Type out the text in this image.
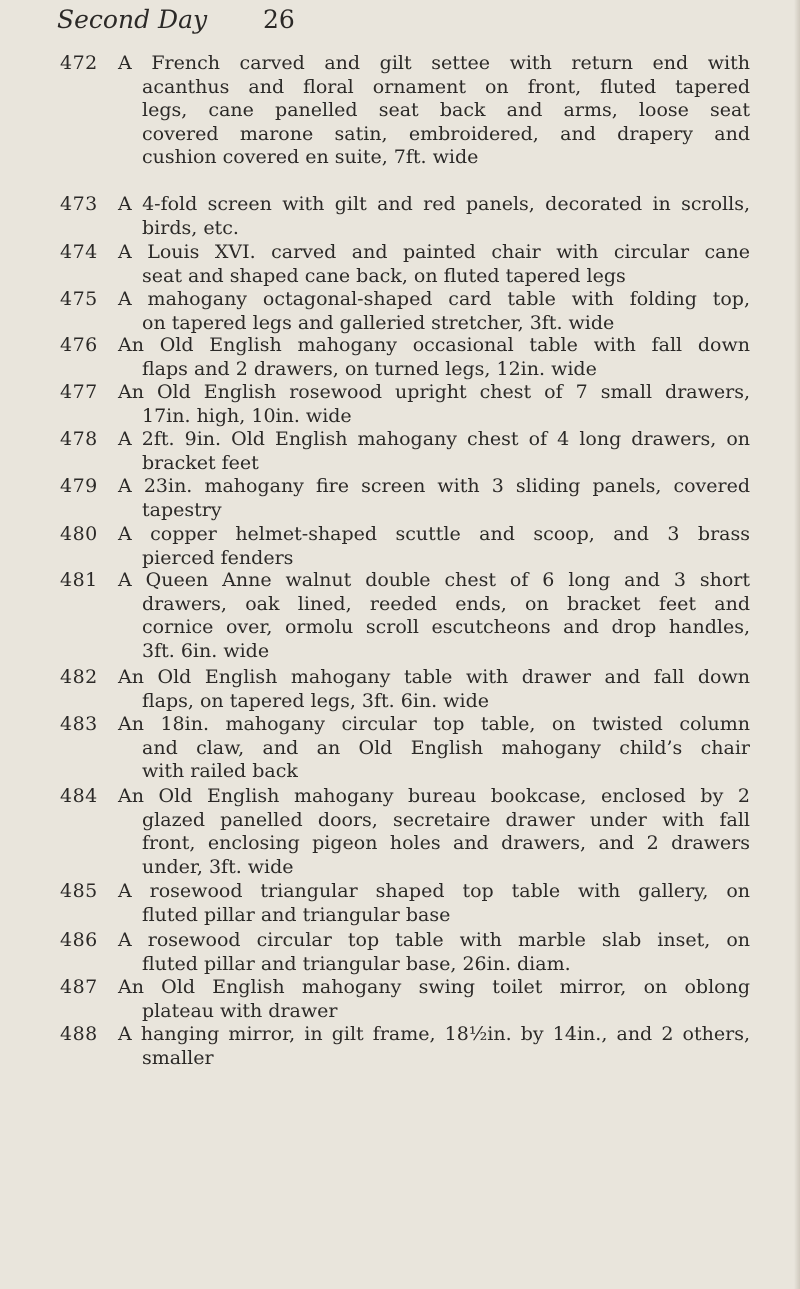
Second Day 26
472	A French carved and gilt settee with return end with
acanthus and floral ornament on front, fluted tapered
legs, cane panelled seat back and arms, loose seat
covered marone satin, embroidered, and drapery and
cushion covered en suite, 7ft. wide
473	A 4-fold screen with gilt and red panels, decorated in scrolls,
birds, etc.
474	A Louis XVI. carved and painted chair with circular cane
seat and shaped cane back, on fluted tapered legs
475	A mahogany octagonal-shaped card table with folding top,
on tapered legs and galleried stretcher, 3ft. wide
476	An Old English mahogany occasional table with fall down
flaps and 2 drawers, on turned legs, 12in. wide
477	An Old English rosewood upright chest of 7 small drawers,
17in. high, 10in. wide
478	A 2ft. 9in. Old English mahogany chest of 4 long drawers, on
bracket feet
479	A 23in. mahogany fire screen with 3 sliding panels, covered
tapestry
480	A copper helmet-shaped scuttle and scoop, and 3 brass
pierced fenders
481	A Queen Anne walnut double chest of 6 long and 3 short
drawers, oak lined, reeded ends, on bracket feet and
cornice over, ormolu scroll escutcheons and drop handles,
3ft. 6in. wide
482	An Old English mahogany table with drawer and fall down
flaps, on tapered legs, 3ft. 6in. wide
483	An 18in. mahogany circular top table, on twisted column
and claw, and an Old English mahogany child’s chair
with railed back
484	An Old English mahogany bureau bookcase, enclosed by 2
glazed panelled doors, secretaire drawer under with fall
front, enclosing pigeon holes and drawers, and 2 drawers
under, 3ft. wide
485	A rosewood triangular shaped top table with gallery, on
fluted pillar and triangular base
486	A rosewood circular top table with marble slab inset, on
fluted pillar and triangular base, 26in. diam.
487	An Old English mahogany swing toilet mirror, on oblong
plateau with drawer
488	A hanging mirror, in gilt frame, 18½in. by 14in., and 2 others,
smaller
